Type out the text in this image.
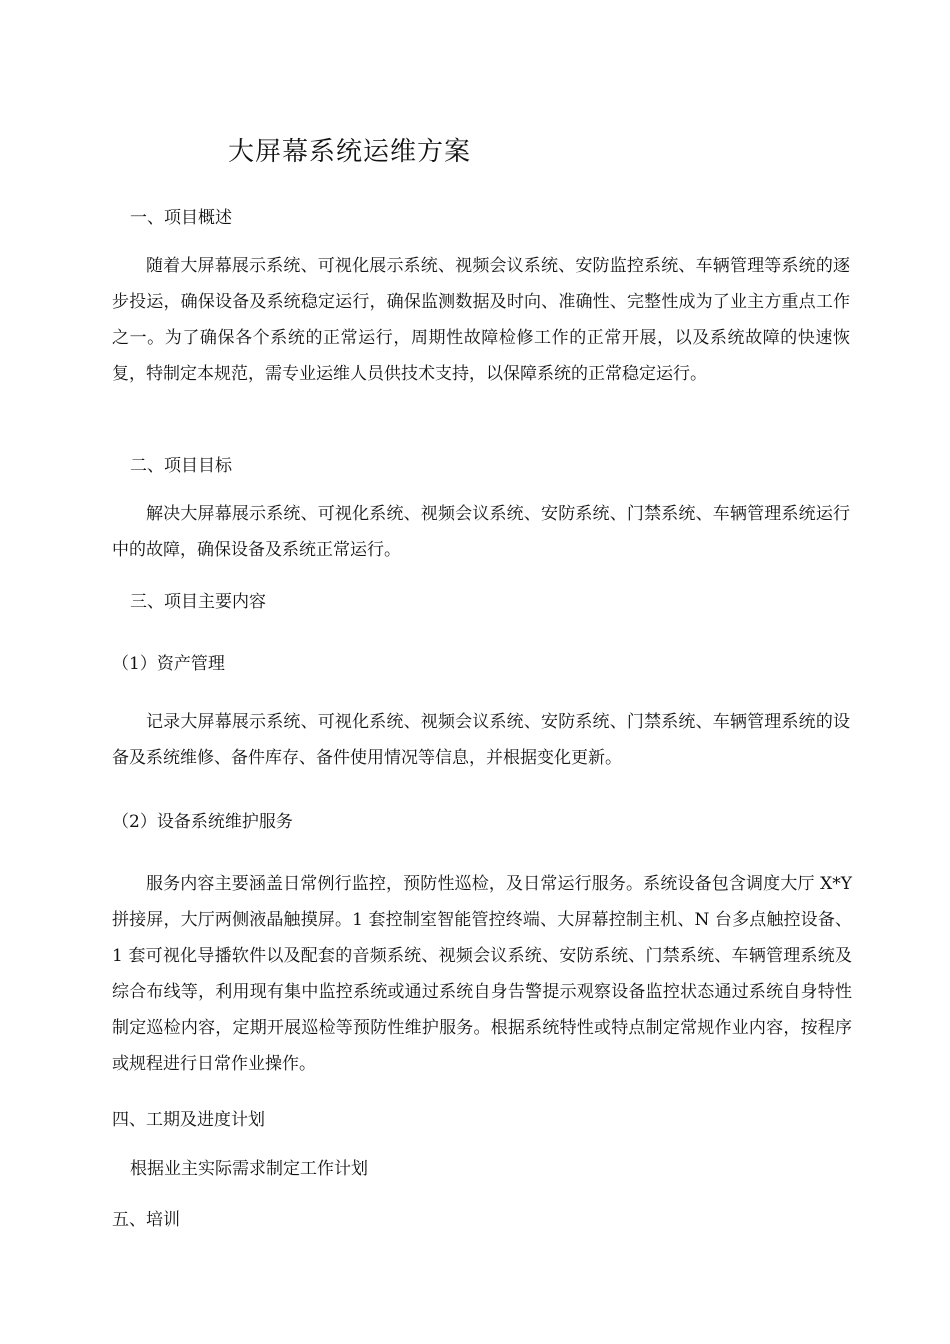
大屏幕系统运维方案
一、项目概述

随着大屏幕展示系统、可视化展示系统、视频会议系统、安防监控系统、车辆管理等系统的逐步投运，确保设备及系统稳定运行，确保监测数据及时向、准确性、完整性成为了业主方重点工作之一。为了确保各个系统的正常运行，周期性故障检修工作的正常开展，以及系统故障的快速恢复，特制定本规范，需专业运维人员供技术支持，以保障系统的正常稳定运行。

二、项目目标

解决大屏幕展示系统、可视化系统、视频会议系统、安防系统、门禁系统、车辆管理系统运行中的故障，确保设备及系统正常运行。

三、项目主要内容
（1）资产管理

记录大屏幕展示系统、可视化系统、视频会议系统、安防系统、门禁系统、车辆管理系统的设备及系统维修、备件库存、备件使用情况等信息，并根据变化更新。

（2）设备系统维护服务

服务内容主要涵盖日常例行监控，预防性巡检，及日常运行服务。系统设备包含调度大厅 X*Y 拼接屏，大厅两侧液晶触摸屏。1 套控制室智能管控终端、大屏幕控制主机、N 台多点触控设备、1 套可视化导播软件以及配套的音频系统、视频会议系统、安防系统、门禁系统、车辆管理系统及综合布线等，利用现有集中监控系统或通过系统自身告警提示观察设备监控状态通过系统自身特性制定巡检内容，定期开展巡检等预防性维护服务。根据系统特性或特点制定常规作业内容，按程序或规程进行日常作业操作。

四、工期及进度计划
根据业主实际需求制定工作计划
五、培训
